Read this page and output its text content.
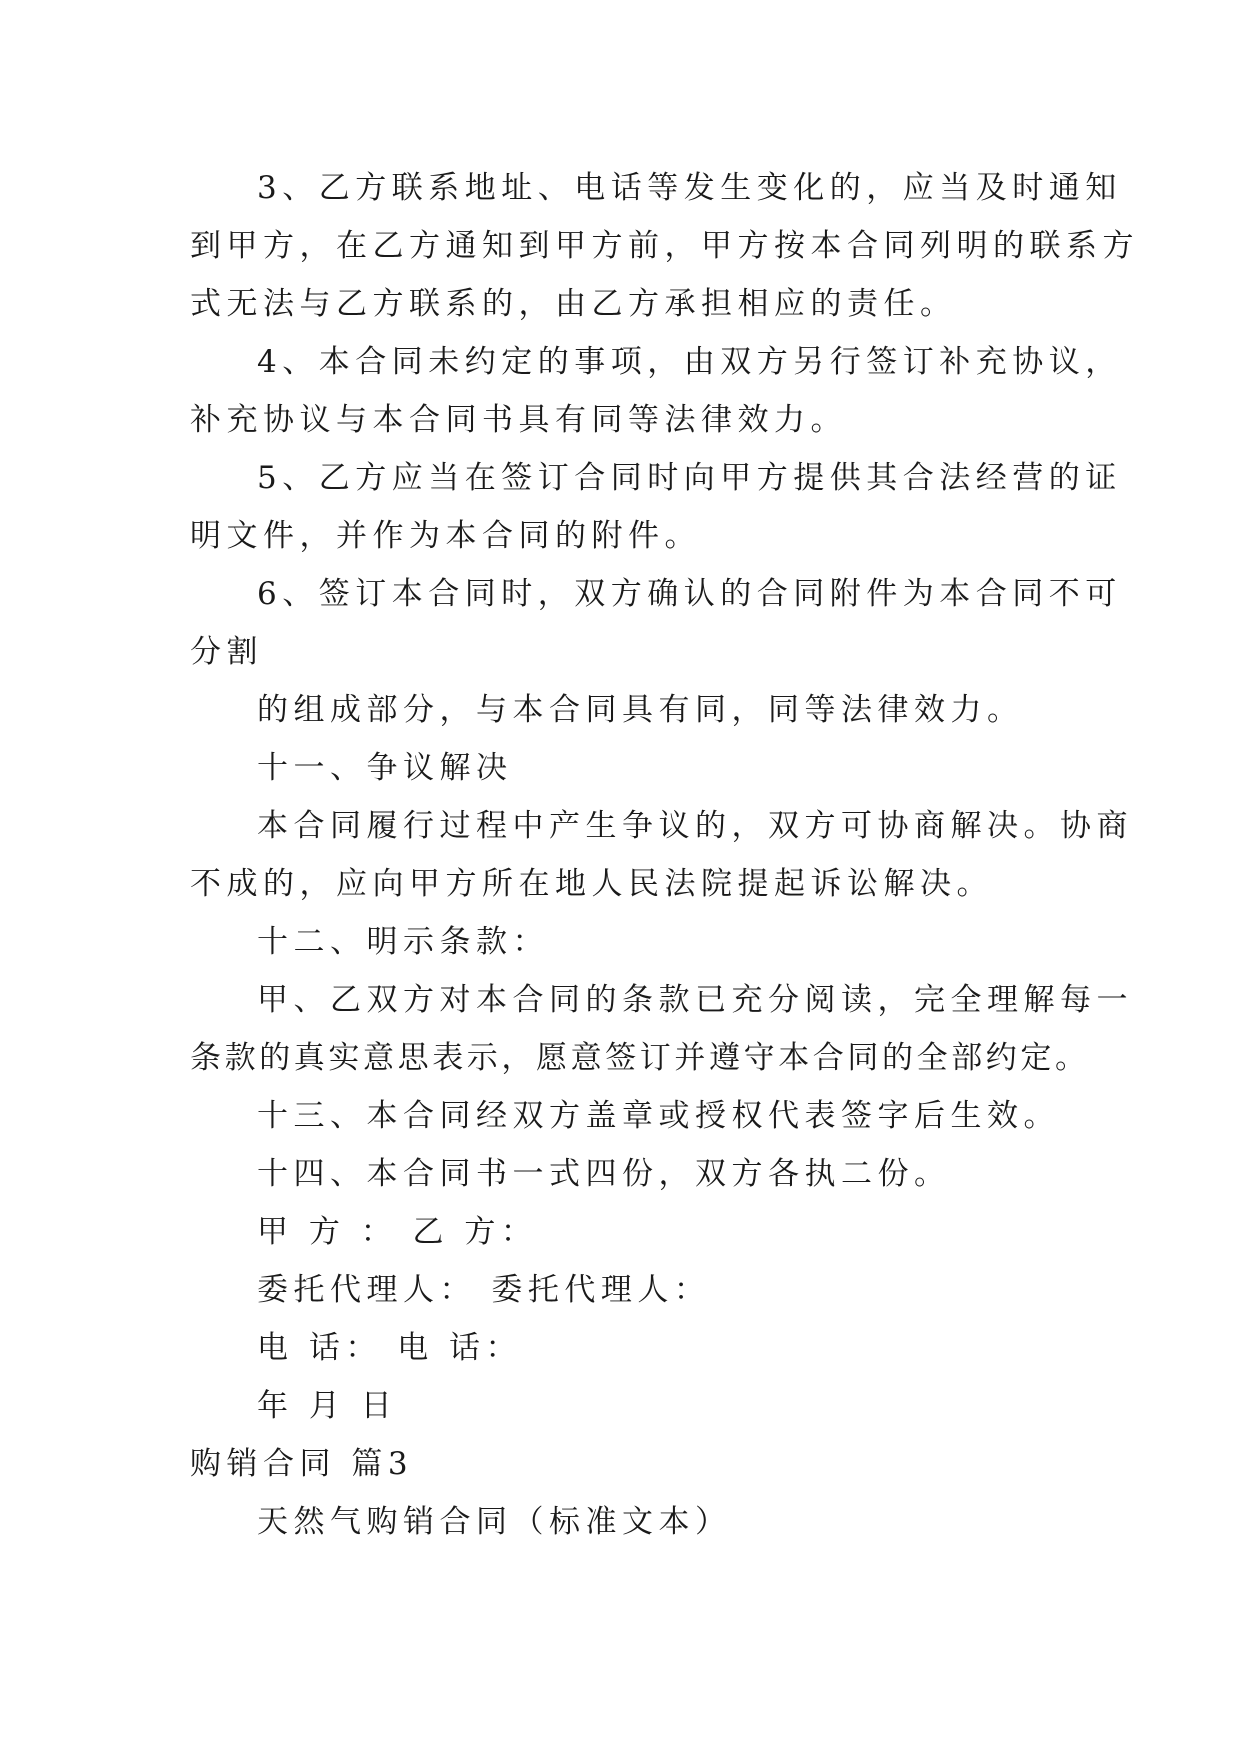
3、乙方联系地址、电话等发生变化的，应当及时通知
到甲方，在乙方通知到甲方前，甲方按本合同列明的联系方
式无法与乙方联系的，由乙方承担相应的责任。
4、本合同未约定的事项，由双方另行签订补充协议，
补充协议与本合同书具有同等法律效力。
5、乙方应当在签订合同时向甲方提供其合法经营的证
明文件，并作为本合同的附件。
6、签订本合同时，双方确认的合同附件为本合同不可
分割
的组成部分，与本合同具有同，同等法律效力。
十一、争议解决
本合同履行过程中产生争议的，双方可协商解决。协商
不成的，应向甲方所在地人民法院提起诉讼解决。
十二、明示条款：
甲、乙双方对本合同的条款已充分阅读，完全理解每一
条款的真实意思表示，愿意签订并遵守本合同的全部约定。
十三、本合同经双方盖章或授权代表签字后生效。
十四、本合同书一式四份，双方各执二份。
甲 方 ： 乙 方：
委托代理人： 委托代理人：
电 话： 电 话：
年 月 日
购销合同 篇3
天然气购销合同（标准文本）
